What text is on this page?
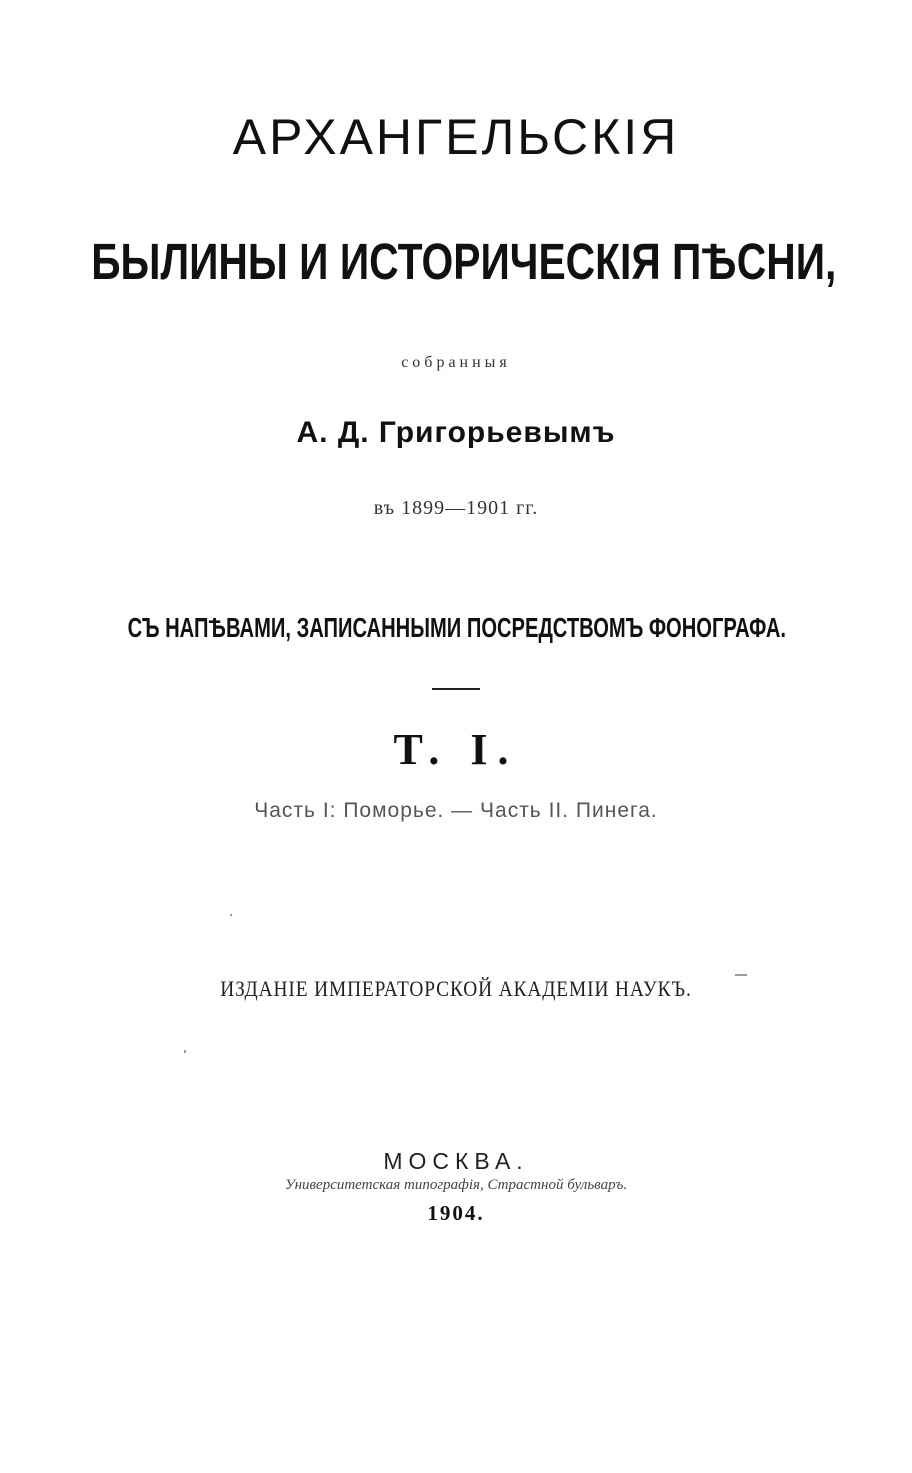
АРХАНГЕЛЬСКІЯ
БЫЛИНЫ И ИСТОРИЧЕСКІЯ ПѢСНИ,
собранныя
А. Д. Григорьевымъ
въ 1899—1901 гг.
СЪ НАПѢВАМИ, ЗАПИСАННЫМИ ПОСРЕДСТВОМЪ ФОНОГРАФА.
Т. I.
Часть I: Поморье. — Часть II. Пинега.
ИЗДАНІЕ ИМПЕРАТОРСКОЙ АКАДЕМІИ НАУКЪ.
МОСКВА.
Университетская типографія, Страстной бульваръ.
1904.
